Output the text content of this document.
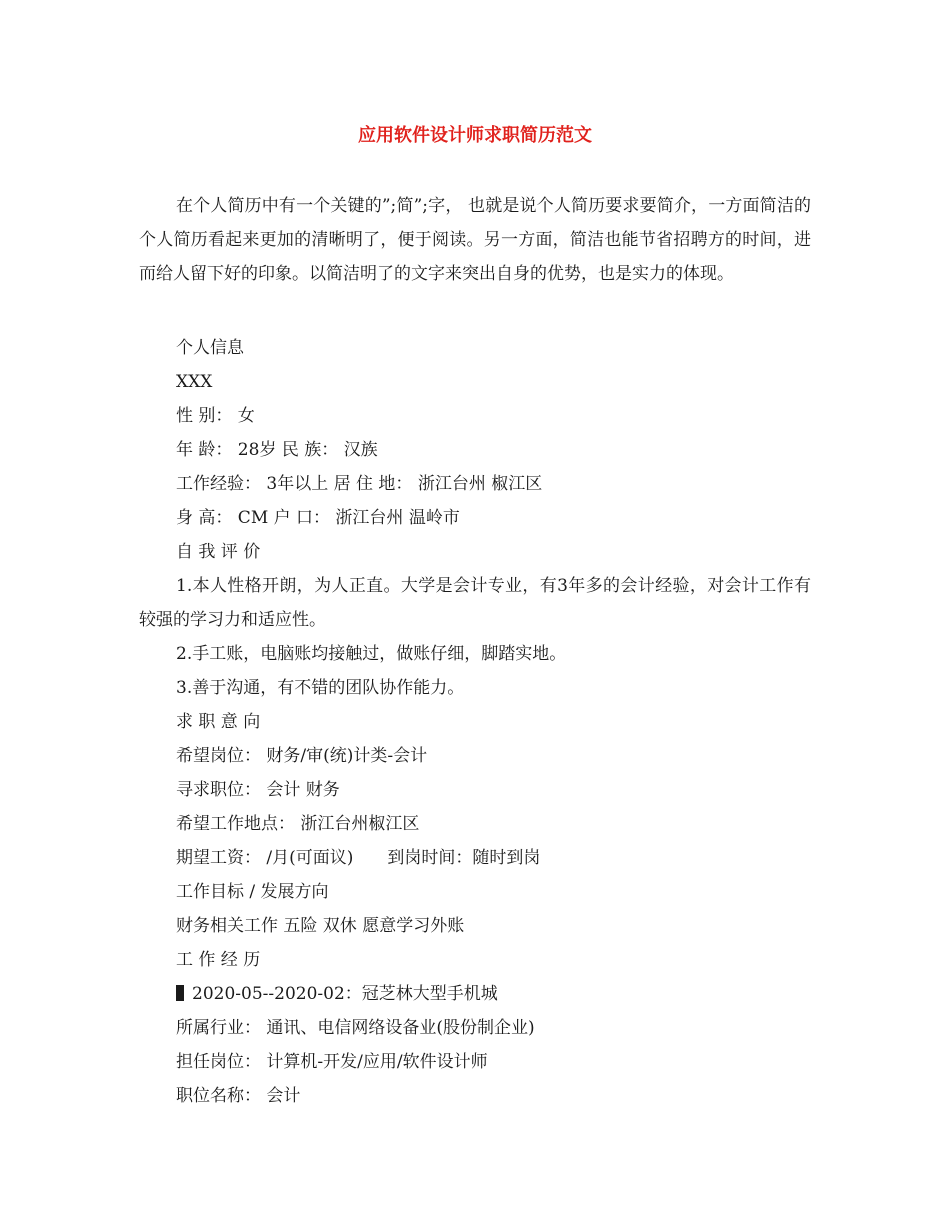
应用软件设计师求职简历范文

在个人简历中有一个关键的”;简”;字， 也就是说个人简历要求要简介，一方面简洁的个人简历看起来更加的清晰明了，便于阅读。另一方面，简洁也能节省招聘方的时间，进而给人留下好的印象。以简洁明了的文字来突出自身的优势，也是实力的体现。

个人信息
XXX
性 别： 女
年 龄： 28岁 民 族： 汉族
工作经验： 3年以上 居 住 地： 浙江台州 椒江区
身 高： CM 户 口： 浙江台州 温岭市
自 我 评 价
1.本人性格开朗，为人正直。大学是会计专业，有3年多的会计经验，对会计工作有较强的学习力和适应性。
2.手工账，电脑账均接触过，做账仔细，脚踏实地。
3.善于沟通，有不错的团队协作能力。
求 职 意 向
希望岗位： 财务/审(统)计类-会计
寻求职位： 会计 财务
希望工作地点： 浙江台州椒江区
期望工资： /月(可面议)　　到岗时间：随时到岗
工作目标 / 发展方向
财务相关工作 五险 双休 愿意学习外账
工 作 经 历
2020-05--2020-02：冠芝林大型手机城
所属行业： 通讯、电信网络设备业(股份制企业)
担任岗位： 计算机-开发/应用/软件设计师
职位名称： 会计
